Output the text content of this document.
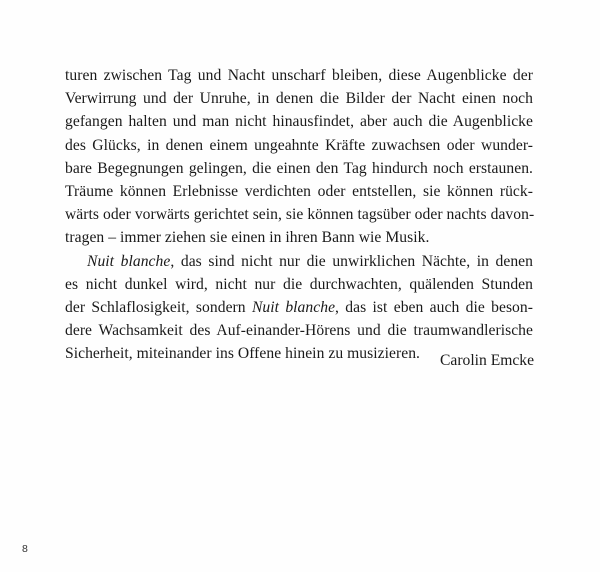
turen zwischen Tag und Nacht unscharf bleiben, diese Augenblicke der
Verwirrung und der Unruhe, in denen die Bilder der Nacht einen noch
gefangen halten und man nicht hinausfindet, aber auch die Augenblicke
des Glücks, in denen einem ungeahnte Kräfte zuwachsen oder wunder-
bare Begegnungen gelingen, die einen den Tag hindurch noch erstaunen.
Träume können Erlebnisse verdichten oder entstellen, sie können rück-
wärts oder vorwärts gerichtet sein, sie können tagsüber oder nachts davon-
tragen – immer ziehen sie einen in ihren Bann wie Musik.
Nuit blanche, das sind nicht nur die unwirklichen Nächte, in denen
es nicht dunkel wird, nicht nur die durchwachten, quälenden Stunden
der Schlaflosigkeit, sondern Nuit blanche, das ist eben auch die beson-
dere Wachsamkeit des Auf-einander-Hörens und die traumwandlerische
Sicherheit, miteinander ins Offene hinein zu musizieren.	Carolin Emcke
8
